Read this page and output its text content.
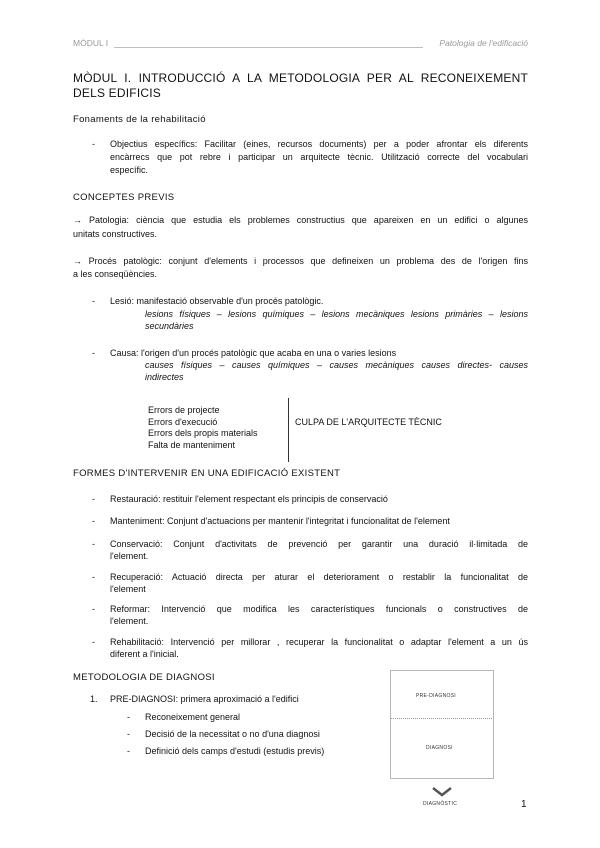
MÒDUL I	Patologia de l'edificació
MÒDUL I. INTRODUCCIÓ A LA METODOLOGIA PER AL RECONEIXEMENT
DELS EDIFICIS
Fonaments de la rehabilitació
- Objectius específics: Facilitar (eines, recursos documents) per a poder afrontar els diferents
encàrrecs que pot rebre i participar un arquitecte tècnic. Utilització correcte del vocabulari
específic.
CONCEPTES PREVIS
→ Patologia: ciència que estudia els problemes constructius que apareixen en un edifici o algunes
unitats constructives.
→ Procés patològic: conjunt d'elements i processos que defineixen un problema des de l'origen fins
a les conseqüències.
- Lesió: manifestació observable d'un procés patològic.
lesions físiques – lesions químiques – lesions mecàniques lesions primàries – lesions
secundàries
- Causa: l'origen d'un procés patològic que acaba en una o varies lesions
causes físiques – causes químiques – causes mecàniques causes directes- causes
indirectes
Errors de projecte
Errors d'execució
Errors dels propis materials
Falta de manteniment
CULPA DE L'ARQUITECTE TÈCNIC
FORMES D'INTERVENIR EN UNA EDIFICACIÓ EXISTENT
- Restauració: restituir l'element respectant els principis de conservació
- Manteniment: Conjunt d'actuacions per mantenir l'integritat i funcionalitat de l'element
- Conservació: Conjunt d'activitats de prevenció per garantir una duració il·limitada de
l'element.
- Recuperació: Actuació directa per aturar el deteriorament o restablir la funcionalitat de
l'element
- Reformar: Intervenció que modifica les característiques funcionals o constructives de
l'element.
- Rehabilitació: Intervenció per millorar , recuperar la funcionalitat o adaptar l'element a un ús
diferent a l'inicial.
METODOLOGIA DE DIAGNOSI
1. PRE-DIAGNOSI: primera aproximació a l'edifici
- Reconeixement general
- Decisió de la necessitat o no d'una diagnosi
- Definició dels camps d'estudi (estudis previs)
PRE-DIAGNOSI
DIAGNOSI
DIAGNÒSTIC	1
